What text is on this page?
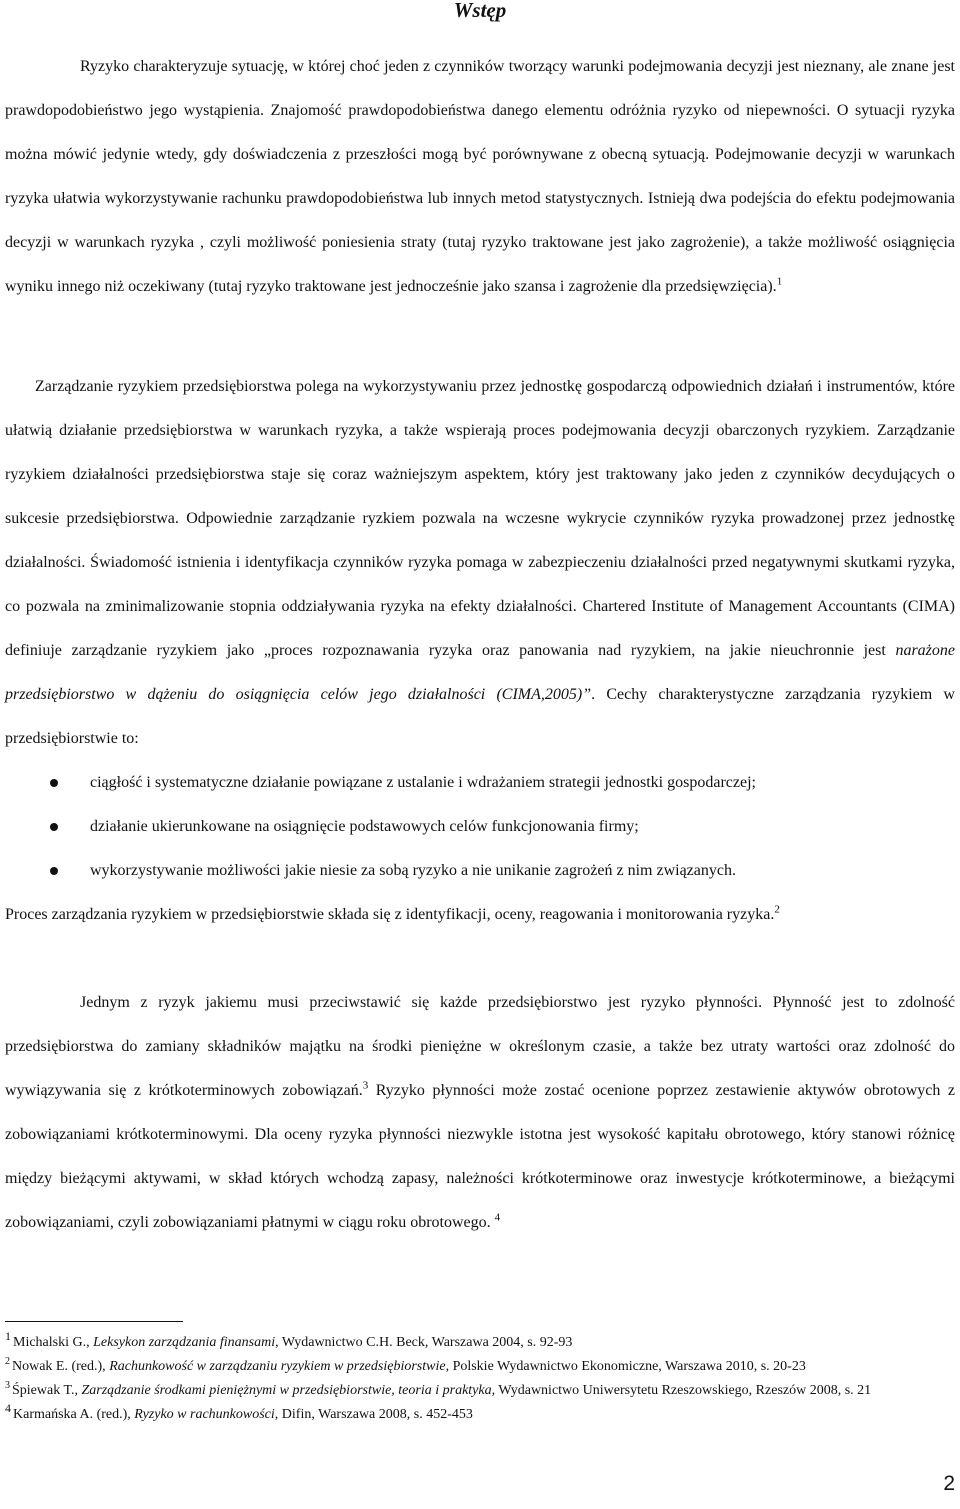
Wstęp

Ryzyko charakteryzuje sytuację, w której choć jeden z czynników tworzący warunki podejmowania decyzji jest nieznany, ale znane jest prawdopodobieństwo jego wystąpienia. Znajomość prawdopodobieństwa danego elementu odróżnia ryzyko od niepewności. O sytuacji ryzyka można mówić jedynie wtedy, gdy doświadczenia z przeszłości mogą być porównywane z obecną sytuacją. Podejmowanie decyzji w warunkach ryzyka ułatwia wykorzystywanie rachunku prawdopodobieństwa lub innych metod statystycznych. Istnieją dwa podejścia do efektu podejmowania decyzji w warunkach ryzyka , czyli możliwość poniesienia straty (tutaj ryzyko traktowane jest jako zagrożenie), a także możliwość osiągnięcia wyniku innego niż oczekiwany (tutaj ryzyko traktowane jest jednocześnie jako szansa i zagrożenie dla przedsięwzięcia).$^1$

Zarządzanie ryzykiem przedsiębiorstwa polega na wykorzystywaniu przez jednostkę gospodarczą odpowiednich działań i instrumentów, które ułatwią działanie przedsiębiorstwa w warunkach ryzyka, a także wspierają proces podejmowania decyzji obarczonych ryzykiem. Zarządzanie ryzykiem działalności przedsiębiorstwa staje się coraz ważniejszym aspektem, który jest traktowany jako jeden z czynników decydujących o sukcesie przedsiębiorstwa. Odpowiednie zarządzanie ryzkiem pozwala na wczesne wykrycie czynników ryzyka prowadzonej przez jednostkę działalności. Świadomość istnienia i identyfikacja czynników ryzyka pomaga w zabezpieczeniu działalności przed negatywnymi skutkami ryzyka, co pozwala na zminimalizowanie stopnia oddziaływania ryzyka na efekty działalności. Chartered Institute of Management Accountants (CIMA) definiuje zarządzanie ryzykiem jako „proces rozpoznawania ryzyka oraz panowania nad ryzykiem, na jakie nieuchronnie jest narażone przedsiębiorstwo w dążeniu do osiągnięcia celów jego działalności (CIMA,2005)”. Cechy charakterystyczne zarządzania ryzykiem w przedsiębiorstwie to:

ciągłość i systematyczne działanie powiązane z ustalanie i wdrażaniem strategii jednostki gospodarczej;
działanie ukierunkowane na osiągnięcie podstawowych celów funkcjonowania firmy;
wykorzystywanie możliwości jakie niesie za sobą ryzyko a nie unikanie zagrożeń z nim związanych.

Proces zarządzania ryzykiem w przedsiębiorstwie składa się z identyfikacji, oceny, reagowania i monitorowania ryzyka.$^2$

Jednym z ryzyk jakiemu musi przeciwstawić się każde przedsiębiorstwo jest ryzyko płynności. Płynność jest to zdolność przedsiębiorstwa do zamiany składników majątku na środki pieniężne w określonym czasie, a także bez utraty wartości oraz zdolność do wywiązywania się z krótkoterminowych zobowiązań.$^3$ Ryzyko płynności może zostać ocenione poprzez zestawienie aktywów obrotowych z zobowiązaniami krótkoterminowymi. Dla oceny ryzyka płynności niezwykle istotna jest wysokość kapitału obrotowego, który stanowi różnicę między bieżącymi aktywami, w skład których wchodzą zapasy, należności krótkoterminowe oraz inwestycje krótkoterminowe, a bieżącymi zobowiązaniami, czyli zobowiązaniami płatnymi w ciągu roku obrotowego. $^4$

1 Michalski G., Leksykon zarządzania finansami, Wydawnictwo C.H. Beck, Warszawa 2004, s. 92-93

$^2$ Nowak E. (red.), Rachunkowość w zarządzaniu ryzykiem w przedsiębiorstwie, Polskie Wydawnictwo Ekonomiczne, Warszawa 2010, s. 20-23

$^3$ Śpiewak T., Zarządzanie środkami pieniężnymi w przedsiębiorstwie, teoria i praktyka, Wydawnictwo Uniwersytetu Rzeszowskiego, Rzeszów 2008, s. 21

4 Karmańska A. (red.), Ryzyko w rachunkowości, Difin, Warszawa 2008, s. 452-453

2
